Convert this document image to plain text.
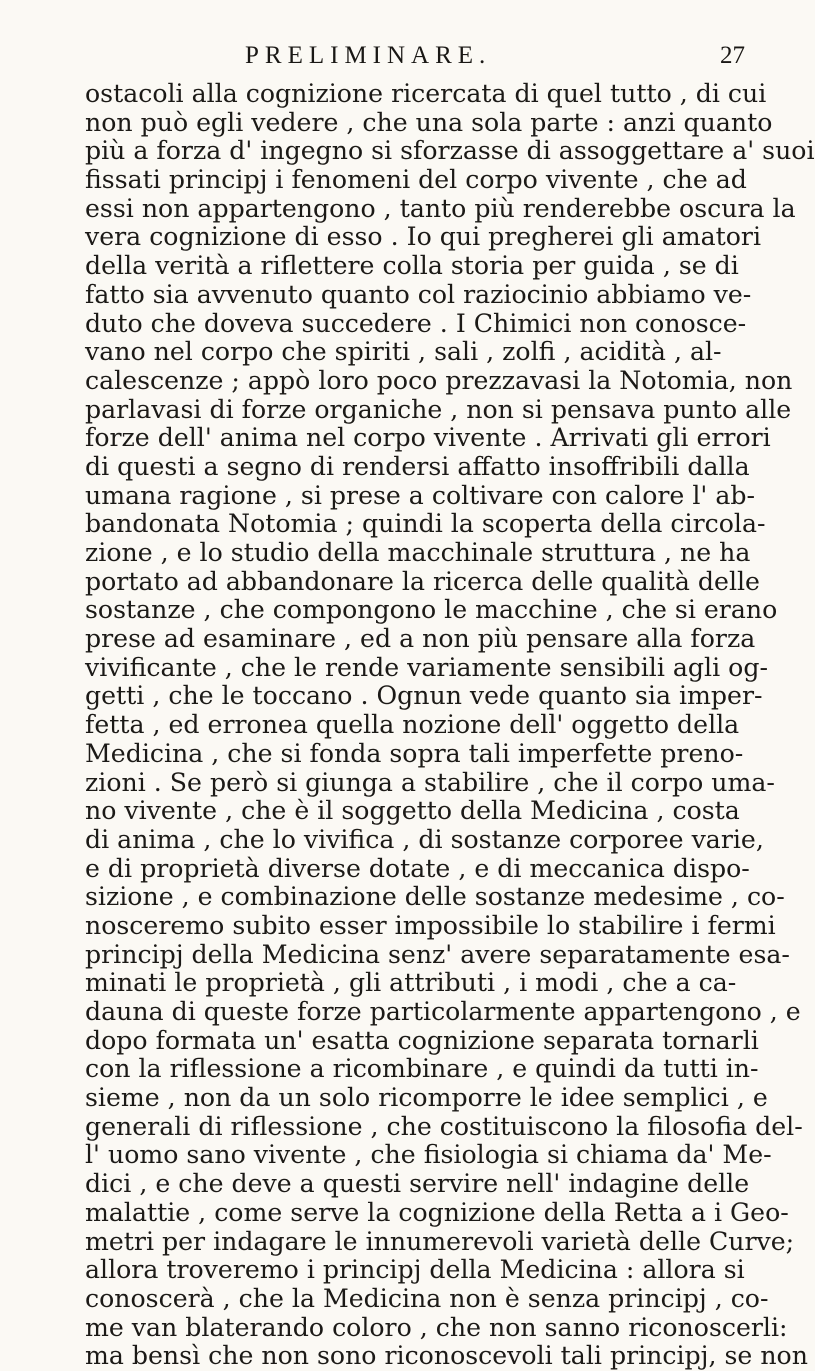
PRELIMINARE.	27
ostacoli alla cognizione ricercata di quel tutto , di cui
non può egli vedere , che una sola parte : anzi quanto
più a forza d' ingegno si sforzasse di assoggettare a' suoi
fissati principj i fenomeni del corpo vivente , che ad
essi non appartengono , tanto più renderebbe oscura la
vera cognizione di esso . Io qui pregherei gli amatori
della verità a riflettere colla storia per guida , se di
fatto sia avvenuto quanto col raziocinio abbiamo ve-
duto che doveva succedere . I Chimici non conosce-
vano nel corpo che spiriti , sali , zolfi , acidità , al-
calescenze ; appò loro poco prezzavasi la Notomia, non
parlavasi di forze organiche , non si pensava punto alle
forze dell' anima nel corpo vivente . Arrivati gli errori
di questi a segno di rendersi affatto insoffribili dalla
umana ragione , si prese a coltivare con calore l' ab-
bandonata Notomia ; quindi la scoperta della circola-
zione , e lo studio della macchinale struttura , ne ha
portato ad abbandonare la ricerca delle qualità delle
sostanze , che compongono le macchine , che si erano
prese ad esaminare , ed a non più pensare alla forza
vivificante , che le rende variamente sensibili agli og-
getti , che le toccano . Ognun vede quanto sia imper-
fetta , ed erronea quella nozione dell' oggetto della
Medicina , che si fonda sopra tali imperfette preno-
zioni . Se però si giunga a stabilire , che il corpo uma-
no vivente , che è il soggetto della Medicina , costa
di anima , che lo vivifica , di sostanze corporee varie,
e di proprietà diverse dotate , e di meccanica dispo-
sizione , e combinazione delle sostanze medesime , co-
nosceremo subito esser impossibile lo stabilire i fermi
principj della Medicina senz' avere separatamente esa-
minati le proprietà , gli attributi , i modi , che a ca-
dauna di queste forze particolarmente appartengono , e
dopo formata un' esatta cognizione separata tornarli
con la riflessione a ricombinare , e quindi da tutti in-
sieme , non da un solo ricomporre le idee semplici , e
generali di riflessione , che costituiscono la filosofia del-
l' uomo sano vivente , che fisiologia si chiama da' Me-
dici , e che deve a questi servire nell' indagine delle
malattie , come serve la cognizione della Retta a i Geo-
metri per indagare le innumerevoli varietà delle Curve;
allora troveremo i principj della Medicina : allora si
conoscerà , che la Medicina non è senza principj , co-
me van blaterando coloro , che non sanno riconoscerli:
ma bensì che non sono riconoscevoli tali principj, se non
